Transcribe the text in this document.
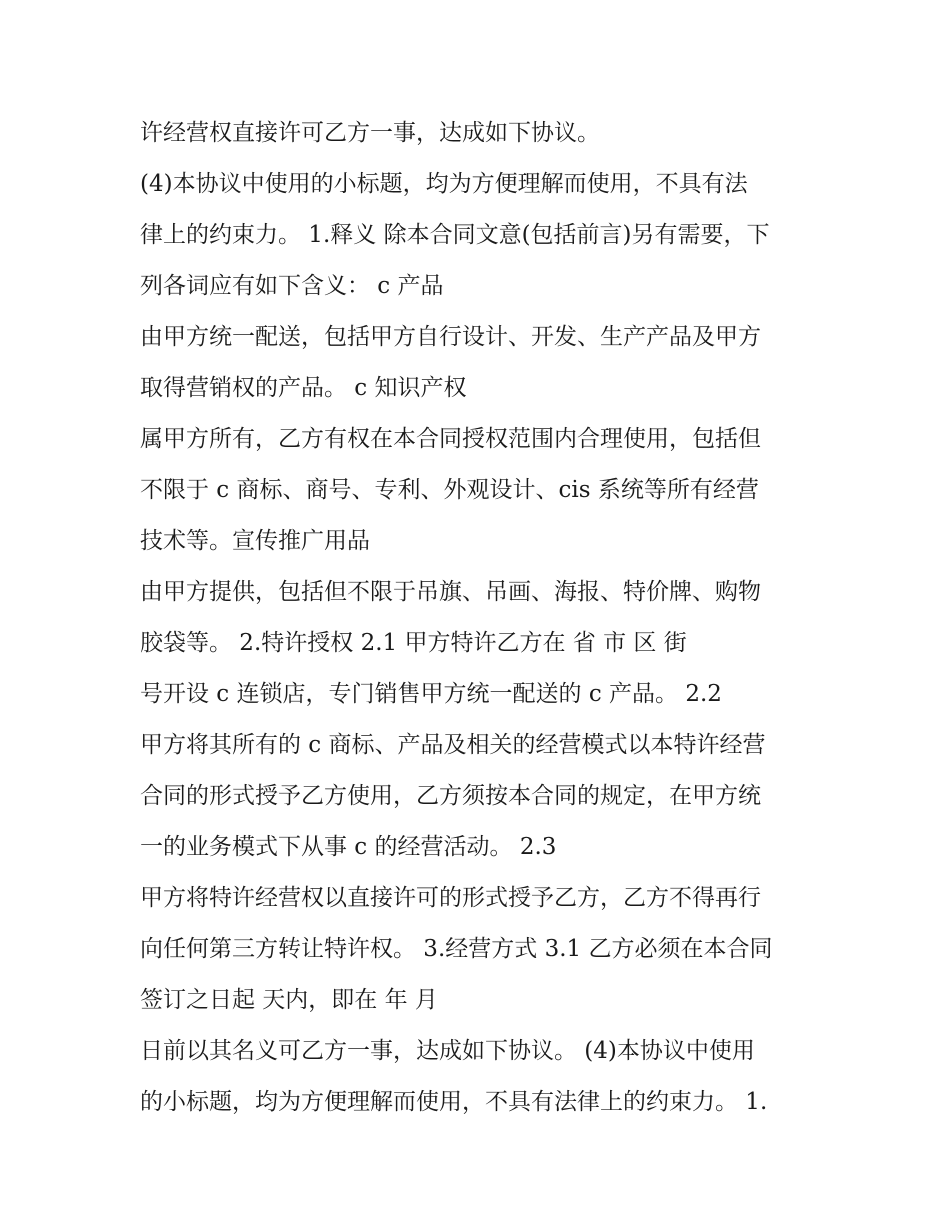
许经营权直接许可乙方一事，达成如下协议。
(4)本协议中使用的小标题，均为方便理解而使用，不具有法
律上的约束力。 1.释义 除本合同文意(包括前言)另有需要，下
列各词应有如下含义： c 产品
由甲方统一配送，包括甲方自行设计、开发、生产产品及甲方
取得营销权的产品。 c 知识产权
属甲方所有，乙方有权在本合同授权范围内合理使用，包括但
不限于 c 商标、商号、专利、外观设计、cis 系统等所有经营
技术等。宣传推广用品
由甲方提供，包括但不限于吊旗、吊画、海报、特价牌、购物
胶袋等。 2.特许授权 2.1 甲方特许乙方在 省 市 区 街
号开设 c 连锁店，专门销售甲方统一配送的 c 产品。 2.2
甲方将其所有的 c 商标、产品及相关的经营模式以本特许经营
合同的形式授予乙方使用，乙方须按本合同的规定，在甲方统
一的业务模式下从事 c 的经营活动。 2.3
甲方将特许经营权以直接许可的形式授予乙方，乙方不得再行
向任何第三方转让特许权。 3.经营方式 3.1 乙方必须在本合同
签订之日起 天内，即在 年 月
日前以其名义可乙方一事，达成如下协议。 (4)本协议中使用
的小标题，均为方便理解而使用，不具有法律上的约束力。 1.
